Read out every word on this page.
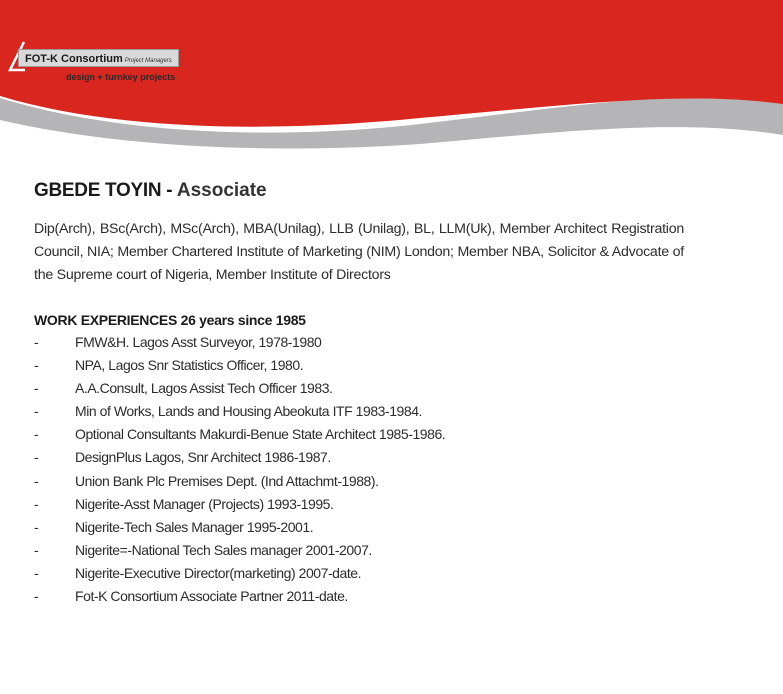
FOT-K Consortium Project Managers
design + turnkey projects
GBEDE TOYIN - Associate

Dip(Arch), BSc(Arch), MSc(Arch), MBA(Unilag), LLB (Unilag), BL, LLM(Uk), Member Architect Registration Council, NIA; Member Chartered Institute of Marketing (NIM) London; Member NBA, Solicitor & Advocate of the Supreme court of Nigeria, Member Institute of Directors

WORK EXPERIENCES 26 years since 1985
-	FMW&H. Lagos Asst Surveyor, 1978-1980
-	NPA, Lagos Snr Statistics Officer, 1980.
-	A.A.Consult, Lagos Assist Tech Officer 1983.
-	Min of Works, Lands and Housing Abeokuta ITF 1983-1984.
-	Optional Consultants Makurdi-Benue State Architect 1985-1986.
-	DesignPlus Lagos, Snr Architect 1986-1987.
-	Union Bank Plc Premises Dept. (Ind Attachmt-1988).
-	Nigerite-Asst Manager (Projects) 1993-1995.
-	Nigerite-Tech Sales Manager 1995-2001.
-	Nigerite=-National Tech Sales manager 2001-2007.
-	Nigerite-Executive Director(marketing) 2007-date.
-	Fot-K Consortium Associate Partner 2011-date.
